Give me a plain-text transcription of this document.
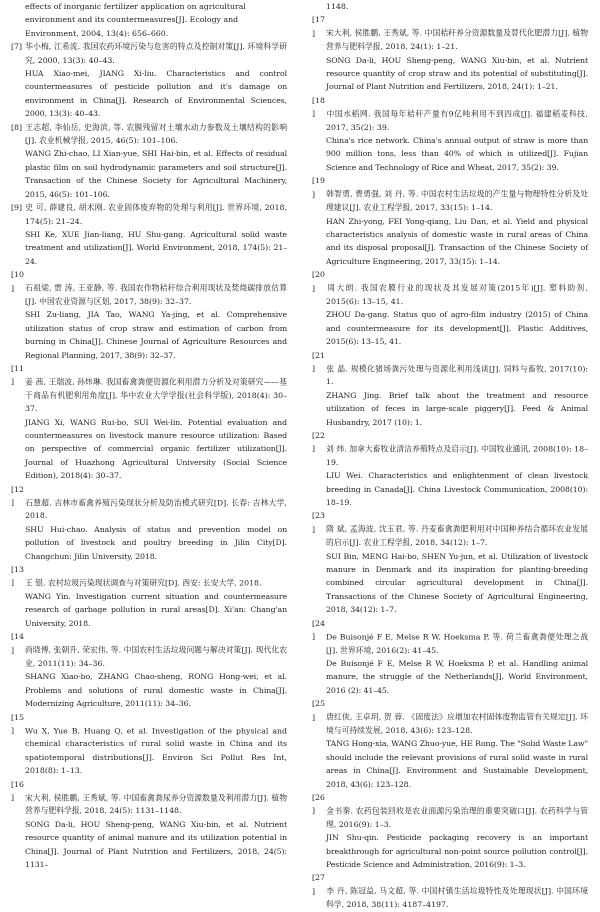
effects of inorganic fertilizer application on agricultural environment and its countermeasures[J]. Ecology and Environment, 2004, 13(4): 656–660.
[7] 华小梅, 江希流. 我国农药环境污染与危害的特点及控制对策[J]. 环境科学研究, 2000, 13(3): 40–43.
HUA Xiao-mei, JIANG Xi-liu. Characteristics and control countermeasures of pesticide pollution and it's damage on environment in China[J]. Research of Environmental Sciences, 2000, 13(3): 40–43.
[8] 王志超, 李仙岳, 史海滨, 等. 农膜残留对土壤水动力参数及土壤结构的影响[J]. 农业机械学报, 2015, 46(5): 101–106.
WANG Zhi-chao, LI Xian-yue, SHI Hai-bin, et al. Effects of residual plastic film on soil hydrodynamic parameters and soil structure[J]. Transaction of the Chinese Society for Agricultural Machinery, 2015, 46(5): 101–106.
[9] 史 可, 薛建良, 胡术刚. 农业固体废弃物的处理与利用[J]. 世界环境, 2018, 174(5): 21–24.
SHI Ke, XUE Jian-liang, HU Shu-gang. Agricultural solid waste treatment and utilization[J]. World Environment, 2018, 174(5): 21–24.
[10] 石祖梁, 贾 涛, 王亚静, 等. 我国农作物秸秆综合利用现状及焚烧碳排放估算[J]. 中国农业资源与区划, 2017, 38(9): 32–37.
SHI Zu-liang, JIA Tao, WANG Ya-jing, et al. Comprehensive utilization status of crop straw and estimation of carbon from burning in China[J]. Chinese Journal of Agriculture Resources and Regional Planning, 2017, 38(9): 32–37.
[11] 姜 茜, 王瑞波, 孙炜琳. 我国畜禽粪便资源化利用潜力分析及对策研究——基于商品有机肥利用角度[J]. 华中农业大学学报(社会科学版), 2018(4): 30–37.
JIANG Xi, WANG Rui-bo, SUI Wei-lin. Potential evaluation and countermeasures on livestock manure resource utilization: Based on perspective of commercial organic fertilizer utilization[J]. Journal of Huazhong Agricultural University (Social Science Edition), 2018(4): 30–37.
[12] 石慧超. 吉林市畜禽养殖污染现状分析及防治模式研究[D]. 长春: 吉林大学, 2018.
SHU Hui-chao. Analysis of status and prevention model on pollution of livestock and poultry breeding in Jilin City[D]. Changchun: Jilin University, 2018.
[13] 王 银. 农村垃圾污染现状调查与对策研究[D]. 西安: 长安大学, 2018.
WANG Yin. Investigation current situation and countermeasure research of garbage pollution in rural areas[D]. Xi'an: Chang'an University, 2018.
[14] 尚晓博, 张朝升, 荣宏伟, 等. 中国农村生活垃圾问题与解决对策[J]. 现代化农业, 2011(11): 34–36.
SHANG Xiao-bo, ZHANG Chao-sheng, RONG Hong-wei, et al. Problems and solutions of rural domestic waste in China[J]. Modernizing Agriculture, 2011(11): 34–36.
[15] Wu X, Yue B, Huang Q, et al. Investigation of the physical and chemical characteristics of rural solid waste in China and its spatiotemporal distributions[J]. Environ Sci Pollut Res Int, 2018(8): 1–13.
[16] 宋大利, 侯胜鹏, 王秀斌, 等. 中国畜禽粪尿养分资源数量及利用潜力[J]. 植物营养与肥料学报, 2018, 24(5): 1131–1148.
SONG Da-li, HOU Sheng-peng, WANG Xiu-bin, et al. Nutrient resource quantity of animal manure and its utilization potential in China[J]. Journal of Plant Nutrition and Fertilizers, 2018, 24(5): 1131–
1148.
[17] 宋大利, 侯胜鹏, 王秀斌, 等. 中国秸秆养分资源数量及替代化肥潜力[J]. 植物营养与肥料学报, 2018, 24(1): 1–21.
SONG Da-li, HOU Sheng-peng, WANG Xiu-bin, et al. Nutrient resource quantity of crop straw and its potential of substituting[J]. Journal of Plant Nutrition and Fertilizers, 2018, 24(1): 1–21.
[18] 中国水稻网. 我国每年秸秆产量有9亿吨利用不到四成[J]. 福建稻麦科技, 2017, 35(2): 39.
China's rice network. China's annual output of straw is more than 900 million tons, less than 40% of which is utilized[J]. Fujian Science and Technology of Rice and Wheat, 2017, 35(2): 39.
[19] 韩智勇, 费勇强, 刘 丹, 等. 中国农村生活垃圾的产生量与物理特性分析及处理建议[J]. 农业工程学报, 2017, 33(15): 1–14.
HAN Zhi-yong, FEI Yong-qiang, Liu Dan, et al. Yield and physical characteristics analysis of domestic waste in rural areas of China and its disposal proposal[J]. Transaction of the Chinese Society of Agriculture Engineering, 2017, 33(15): 1–14.
[20] 周大朗. 我国农膜行业的现状及其发展对策(2015年)[J]. 塑料助剂, 2015(6): 13–15, 41.
ZHOU Da-gang. Status quo of agro-film industry (2015) of China and countermeasure for its development[J]. Plastic Additives, 2015(6): 13–15, 41.
[21] 张 晶. 规模化猪场粪污处理与资源化利用浅谈[J]. 饲料与畜牧, 2017(10): 1.
ZHANG Jing. Brief talk about the treatment and resource utilization of feces in large-scale piggery[J]. Feed & Animal Husbandry, 2017 (10): 1.
[22] 刘 炜. 加拿大畜牧业清洁养殖特点及启示[J]. 中国牧业通讯, 2008(10): 18–19.
LIU Wei. Characteristics and enlightenment of clean livestock breeding in Canada[J]. China Livestock Communication, 2008(10): 18–19.
[23] 隋 斌, 孟海波, 沈玉君, 等. 丹麦畜禽粪肥利用对中国种养结合循环农业发展的启示[J]. 农业工程学报, 2018, 34(12): 1–7.
SUI Bin, MENG Hai-bo, SHEN Yu-jun, et al. Utilization of livestock manure in Denmark and its inspiration for planting-breeding combined circular agricultural development in China[J]. Transactions of the Chinese Society of Agricultural Engineering, 2018, 34(12): 1–7.
[24] De Buisonjé F E, Melse R W, Hoeksma P, 等. 荷兰畜禽粪便处理之战[J]. 世界环境, 2016(2): 41–45.
De Buisonjé F E, Melse R W, Hoeksma P, et al. Handling animal manure, the struggle of the Netherlands[J]. World Environment, 2016 (2): 41–45.
[25] 唐红侠, 王卓玥, 贺 蓉. 《固废法》应增加农村固体废物监管有关规定[J]. 环境与可持续发展, 2018, 43(6): 123–128.
TANG Hong-xia, WANG Zhuo-yue, HE Rong. The "Solid Waste Law" should include the relevant provisions of rural solid waste in rural areas in China[J]. Environment and Sustainable Development, 2018, 43(6): 123–128.
[26] 金书秦. 农药包装回收是农业面源污染治理的重要突破口[J]. 农药科学与管理, 2016(9): 1–3.
JIN Shu-qin. Pesticide packaging recovery is an important breakthrough for agricultural non-point source pollution control[J]. Pesticide Science and Administration, 2016(9): 1–3.
[27] 李 丹, 陈冠益, 马文超, 等. 中国村镇生活垃圾特性及处理现状[J]. 中国环境科学, 2018, 38(11): 4187–4197.
